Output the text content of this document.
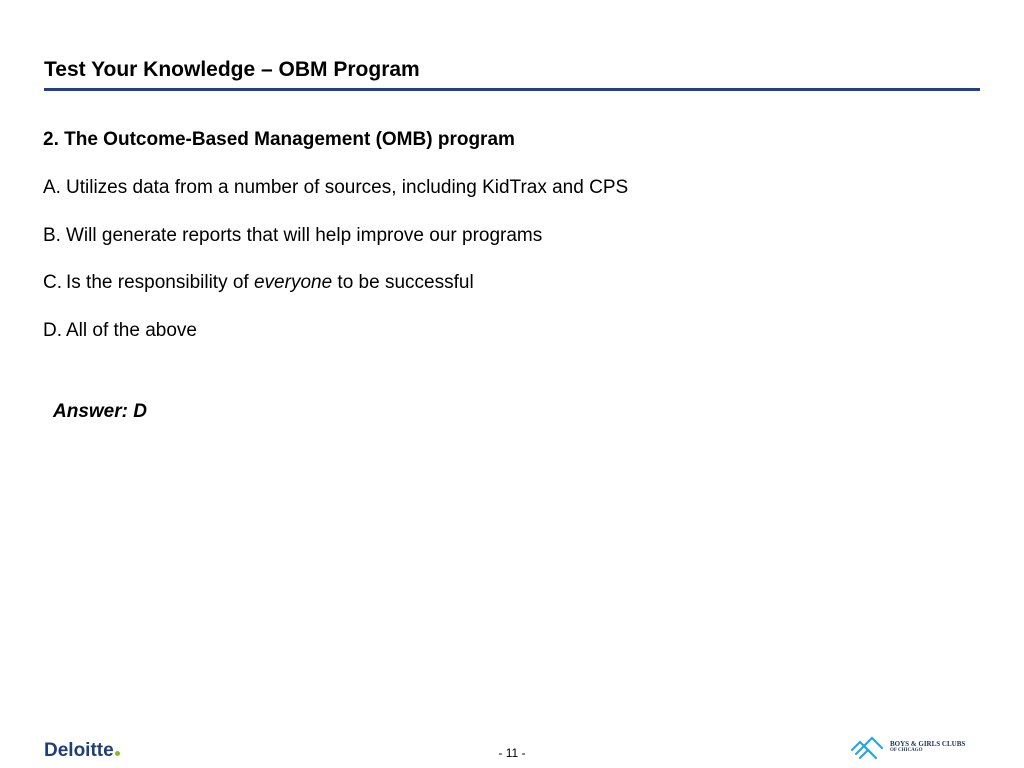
Test Your Knowledge – OBM Program
2. The Outcome-Based Management (OMB) program
A. Utilizes data from a number of sources, including KidTrax and CPS
B. Will generate reports that will help improve our programs
C. Is the responsibility of everyone to be successful
D. All of the above
Answer: D
Deloitte	- 11 -
BOYS & GIRLS CLUBS
OF CHICAGO
